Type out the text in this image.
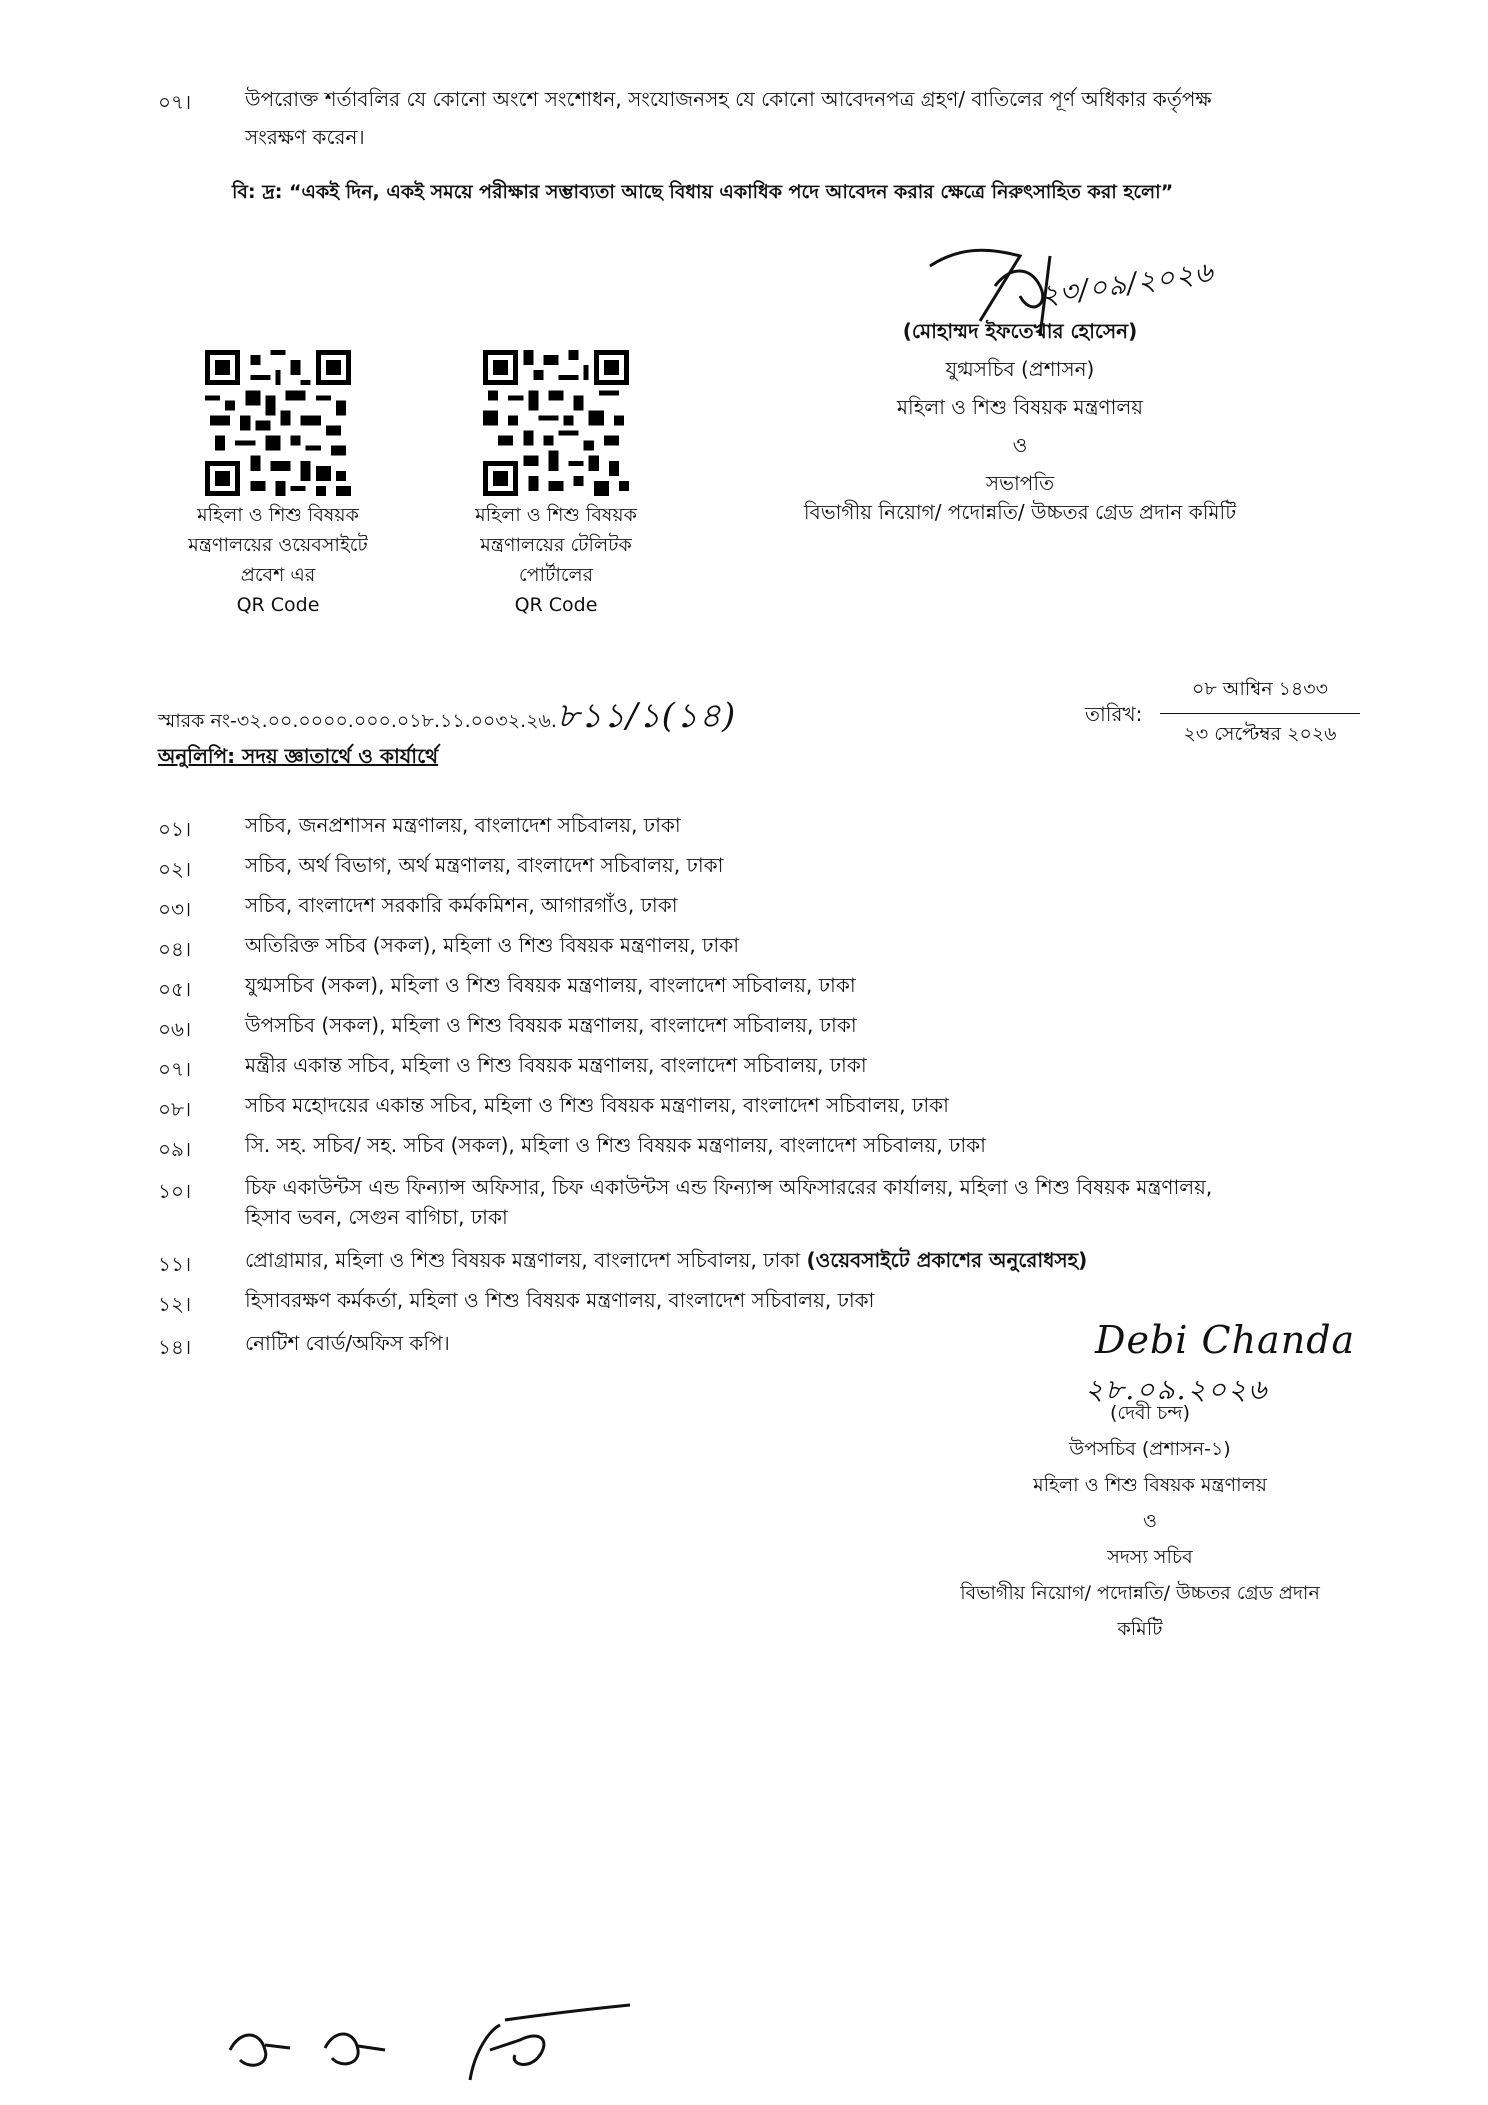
০৭।	উপরোক্ত শর্তাবলির যে কোনো অংশে সংশোধন, সংযোজনসহ যে কোনো আবেদনপত্র গ্রহণ/ বাতিলের পূর্ণ অধিকার কর্তৃপক্ষ
সংরক্ষণ করেন।
বি: দ্র: “একই দিন, একই সময়ে পরীক্ষার সম্ভাব্যতা আছে বিধায় একাধিক পদে আবেদন করার ক্ষেত্রে নিরুৎসাহিত করা হলো”
২৩/০৯/২০২৬
(মোহাম্মদ ইফতেখার হোসেন)
যুগ্মসচিব (প্রশাসন)
মহিলা ও শিশু বিষয়ক মন্ত্রণালয়
ও
সভাপতি
বিভাগীয় নিয়োগ/ পদোন্নতি/ উচ্চতর গ্রেড প্রদান কমিটি
মহিলা ও শিশু বিষয়ক
মন্ত্রণালয়ের ওয়েবসাইটে
প্রবেশ এর
QR Code
মহিলা ও শিশু বিষয়ক
মন্ত্রণালয়ের টেলিটক
পোর্টালের
QR Code
স্মারক নং-৩২.০০.০০০০.০০০.০১৮.১১.০০৩২.২৬.৮১১/১(১৪)	তারিখ:
০৮ আশ্বিন ১৪৩৩
২৩ সেপ্টেম্বর ২০২৬
অনুলিপি: সদয় জ্ঞাতার্থে ও কার্যার্থে
০১।	সচিব, জনপ্রশাসন মন্ত্রণালয়, বাংলাদেশ সচিবালয়, ঢাকা
০২।	সচিব, অর্থ বিভাগ, অর্থ মন্ত্রণালয়, বাংলাদেশ সচিবালয়, ঢাকা
০৩।	সচিব, বাংলাদেশ সরকারি কর্মকমিশন, আগারগাঁও, ঢাকা
০৪।	অতিরিক্ত সচিব (সকল), মহিলা ও শিশু বিষয়ক মন্ত্রণালয়, ঢাকা
০৫।	যুগ্মসচিব (সকল), মহিলা ও শিশু বিষয়ক মন্ত্রণালয়, বাংলাদেশ সচিবালয়, ঢাকা
০৬।	উপসচিব (সকল), মহিলা ও শিশু বিষয়ক মন্ত্রণালয়, বাংলাদেশ সচিবালয়, ঢাকা
০৭।	মন্ত্রীর একান্ত সচিব, মহিলা ও শিশু বিষয়ক মন্ত্রণালয়, বাংলাদেশ সচিবালয়, ঢাকা
০৮।	সচিব মহোদয়ের একান্ত সচিব, মহিলা ও শিশু বিষয়ক মন্ত্রণালয়, বাংলাদেশ সচিবালয়, ঢাকা
০৯।	সি. সহ. সচিব/ সহ. সচিব (সকল), মহিলা ও শিশু বিষয়ক মন্ত্রণালয়, বাংলাদেশ সচিবালয়, ঢাকা
১০।	চিফ একাউন্টস এন্ড ফিন্যান্স অফিসার, চিফ একাউন্টস এন্ড ফিন্যান্স অফিসাররের কার্যালয়, মহিলা ও শিশু বিষয়ক মন্ত্রণালয়,
হিসাব ভবন, সেগুন বাগিচা, ঢাকা
১১।	প্রোগ্রামার, মহিলা ও শিশু বিষয়ক মন্ত্রণালয়, বাংলাদেশ সচিবালয়, ঢাকা (ওয়েবসাইটে প্রকাশের অনুরোধসহ)
১২।	হিসাবরক্ষণ কর্মকর্তা, মহিলা ও শিশু বিষয়ক মন্ত্রণালয়, বাংলাদেশ সচিবালয়, ঢাকা
১৪।	নোটিশ বোর্ড/অফিস কপি।	Debi Chanda
২৮.০৯.২০২৬
(দেবী চন্দ)
উপসচিব (প্রশাসন-১)
মহিলা ও শিশু বিষয়ক মন্ত্রণালয়
ও
সদস্য সচিব
বিভাগীয় নিয়োগ/ পদোন্নতি/ উচ্চতর গ্রেড প্রদান
কমিটি
